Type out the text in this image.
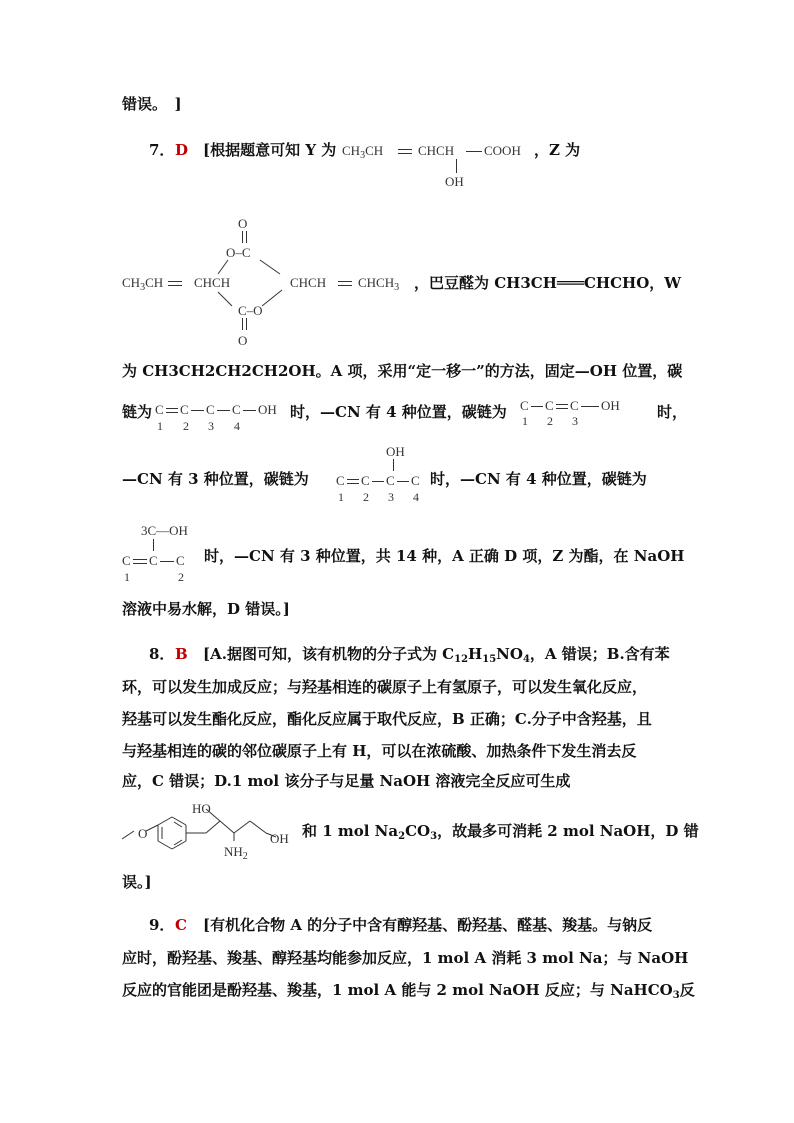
错误。　]
7． D [根据题意可知 Y 为 $CH_3CH$	CHCH COOH
OH
，Z 为
O
O–C
$CH_3CH$ CHCH	CHCH $CHCH_3$
C–O
O
，巴豆醛为 CH3CH═══CHCHO，W
为 CH3CH2CH2CH2OH。A 项，采用“定一移一”的方法，固定—OH 位置，碳
链为 C C C C OH
1 2 3 4
时，—CN 有 4 种位置，碳链为 C C C OH
1 2 3	时，
—CN 有 3 种位置，碳链为
OH
C C C C
1 2 3 4
时，—CN 有 4 种位置，碳链为
3C—OH
C C C
1	2
时，—CN 有 3 种位置，共 14 种，A 正确 D 项，Z 为酯，在 NaOH
溶液中易水解，D 错误。]
8． B [A.据图可知，该有机物的分子式为 $C_{12}H_{15}NO_4$，A 错误；B.含有苯
环，可以发生加成反应；与羟基相连的碳原子上有氢原子，可以发生氧化反应，
羟基可以发生酯化反应，酯化反应属于取代反应，B 正确；C.分子中含羟基，且
与羟基相连的碳的邻位碳原子上有 H，可以在浓硫酸、加热条件下发生消去反
应，C 错误；D.1 mol 该分子与足量 NaOH 溶液完全反应可生成
O
HO
$NH_2$
OH 和 1 mol $Na_2CO_3$，故最多可消耗 2 mol NaOH，D 错
误。]
9． C [有机化合物 A 的分子中含有醇羟基、酚羟基、醛基、羧基。与钠反
应时，酚羟基、羧基、醇羟基均能参加反应，1 mol A 消耗 3 mol Na；与 NaOH
反应的官能团是酚羟基、羧基，1 mol A 能与 2 mol NaOH 反应；与 NaHCO$_3$反
